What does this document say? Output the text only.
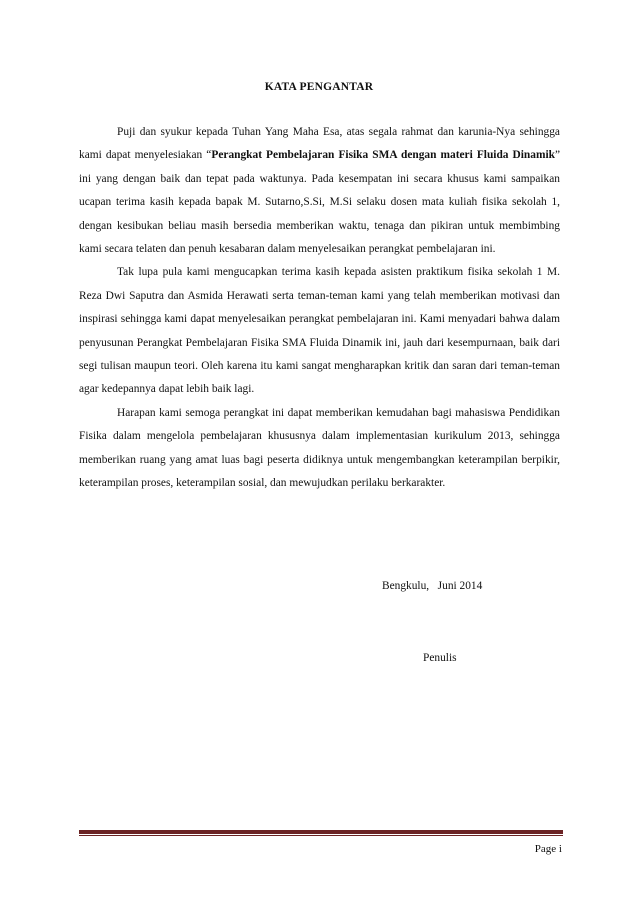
KATA PENGANTAR

Puji dan syukur kepada Tuhan Yang Maha Esa, atas segala rahmat dan karunia-Nya sehingga kami dapat menyelesiakan “Perangkat Pembelajaran Fisika SMA dengan materi Fluida Dinamik” ini yang dengan baik dan tepat pada waktunya. Pada kesempatan ini secara khusus kami sampaikan ucapan terima kasih kepada bapak M. Sutarno,S.Si, M.Si selaku dosen mata kuliah fisika sekolah 1, dengan kesibukan beliau masih bersedia memberikan waktu, tenaga dan pikiran untuk membimbing kami secara telaten dan penuh kesabaran dalam menyelesaikan perangkat pembelajaran ini.

Tak lupa pula kami mengucapkan terima kasih kepada asisten praktikum fisika sekolah 1 M. Reza Dwi Saputra dan Asmida Herawati serta teman-teman kami yang telah memberikan motivasi dan inspirasi sehingga kami dapat menyelesaikan perangkat pembelajaran ini. Kami menyadari bahwa dalam penyusunan Perangkat Pembelajaran Fisika SMA Fluida Dinamik ini, jauh dari kesempurnaan, baik dari segi tulisan maupun teori. Oleh karena itu kami sangat mengharapkan kritik dan saran dari teman-teman agar kedepannya dapat lebih baik lagi.

Harapan kami semoga perangkat ini dapat memberikan kemudahan bagi mahasiswa Pendidikan Fisika dalam mengelola pembelajaran khususnya dalam implementasian kurikulum 2013, sehingga memberikan ruang yang amat luas bagi peserta didiknya untuk mengembangkan keterampilan berpikir, keterampilan proses, keterampilan sosial, dan mewujudkan perilaku berkarakter.

Bengkulu,   Juni 2014
Penulis
Page i
